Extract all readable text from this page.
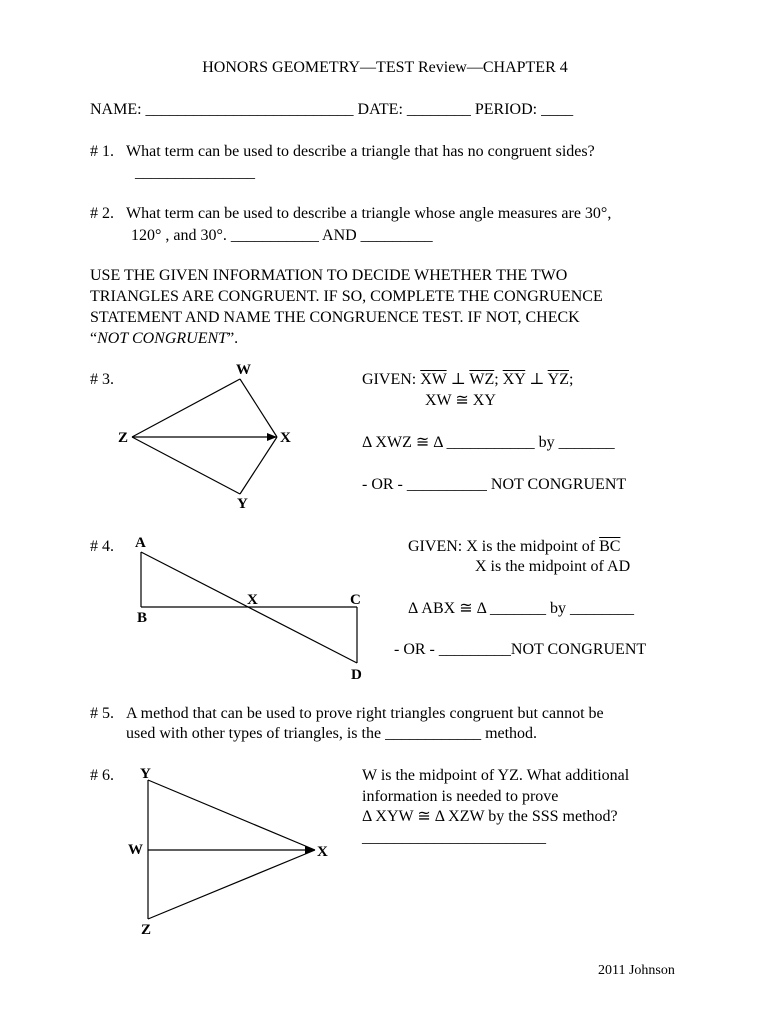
HONORS GEOMETRY—TEST Review—CHAPTER 4
NAME: __________________________ DATE: ________ PERIOD: ____
# 1. What term can be used to describe a triangle that has no congruent sides?
_______________
# 2. What term can be used to describe a triangle whose angle measures are 30°,
120° , and 30°. ___________ AND _________
USE THE GIVEN INFORMATION TO DECIDE WHETHER THE TWO
TRIANGLES ARE CONGRUENT. IF SO, COMPLETE THE CONGRUENCE
STATEMENT AND NAME THE CONGRUENCE TEST. IF NOT, CHECK
“NOT CONGRUENT”.
# 3.
W
Z	X
Y
GIVEN: $\overline{XW}$ ⊥ $\overline{WZ}$; $\overline{XY}$ ⊥ $\overline{YZ}$;
XW ≅ XY
Δ XWZ ≅ Δ ___________ by _______
- OR - __________ NOT CONGRUENT
# 4. A
B
X	C
D
GIVEN: X is the midpoint of $\overline{BC}$
X is the midpoint of AD
Δ ABX ≅ Δ _______ by ________
- OR - _________NOT CONGRUENT
# 5. A method that can be used to prove right triangles congruent but cannot be
used with other types of triangles, is the ____________ method.
# 6. Y
W	X
Z
W is the midpoint of YZ. What additional
information is needed to prove
Δ XYW ≅ Δ XZW by the SSS method?
_______________________
2011 Johnson
